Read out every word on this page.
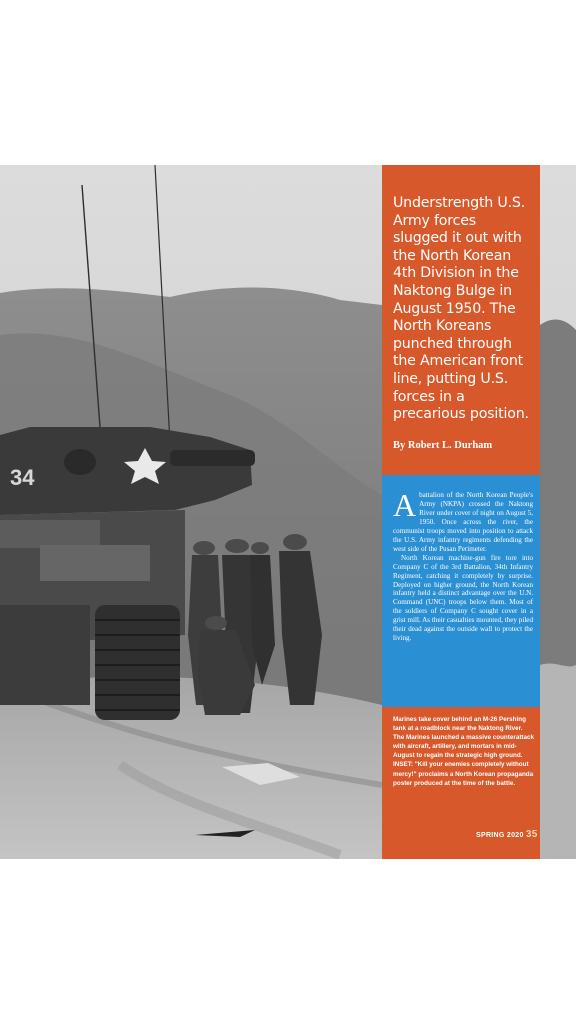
34
Understrength U.S. Army forces slugged it out with the North Korean 4th Division in the Naktong Bulge in August 1950. The North Koreans punched through the American front line, putting U.S. forces in a precarious position.
By Robert L. Durham
A battalion of the North Korean People's Army (NKPA) crossed the Naktong River under cover of night on August 5, 1950. Once across the river, the communist troops moved into position to attack the U.S. Army infantry regiments defending the west side of the Pusan Perimeter.

North Korean machine-gun fire tore into Company C of the 3rd Battalion, 34th Infantry Regiment, catching it completely by surprise. Deployed on higher ground, the North Korean infantry held a distinct advantage over the U.N. Command (UNC) troops below them. Most of the soldiers of Company C sought cover in a grist mill. As their casualties mounted, they piled their dead against the outside wall to protect the living.

Marines take cover behind an M-26 Pershing tank at a roadblock near the Naktong River. The Marines launched a massive counterattack with aircraft, artillery, and mortars in mid-August to regain the strategic high ground. INSET: "Kill your enemies completely without mercy!" proclaims a North Korean propaganda poster produced at the time of the battle.
SPRING 2020 35
